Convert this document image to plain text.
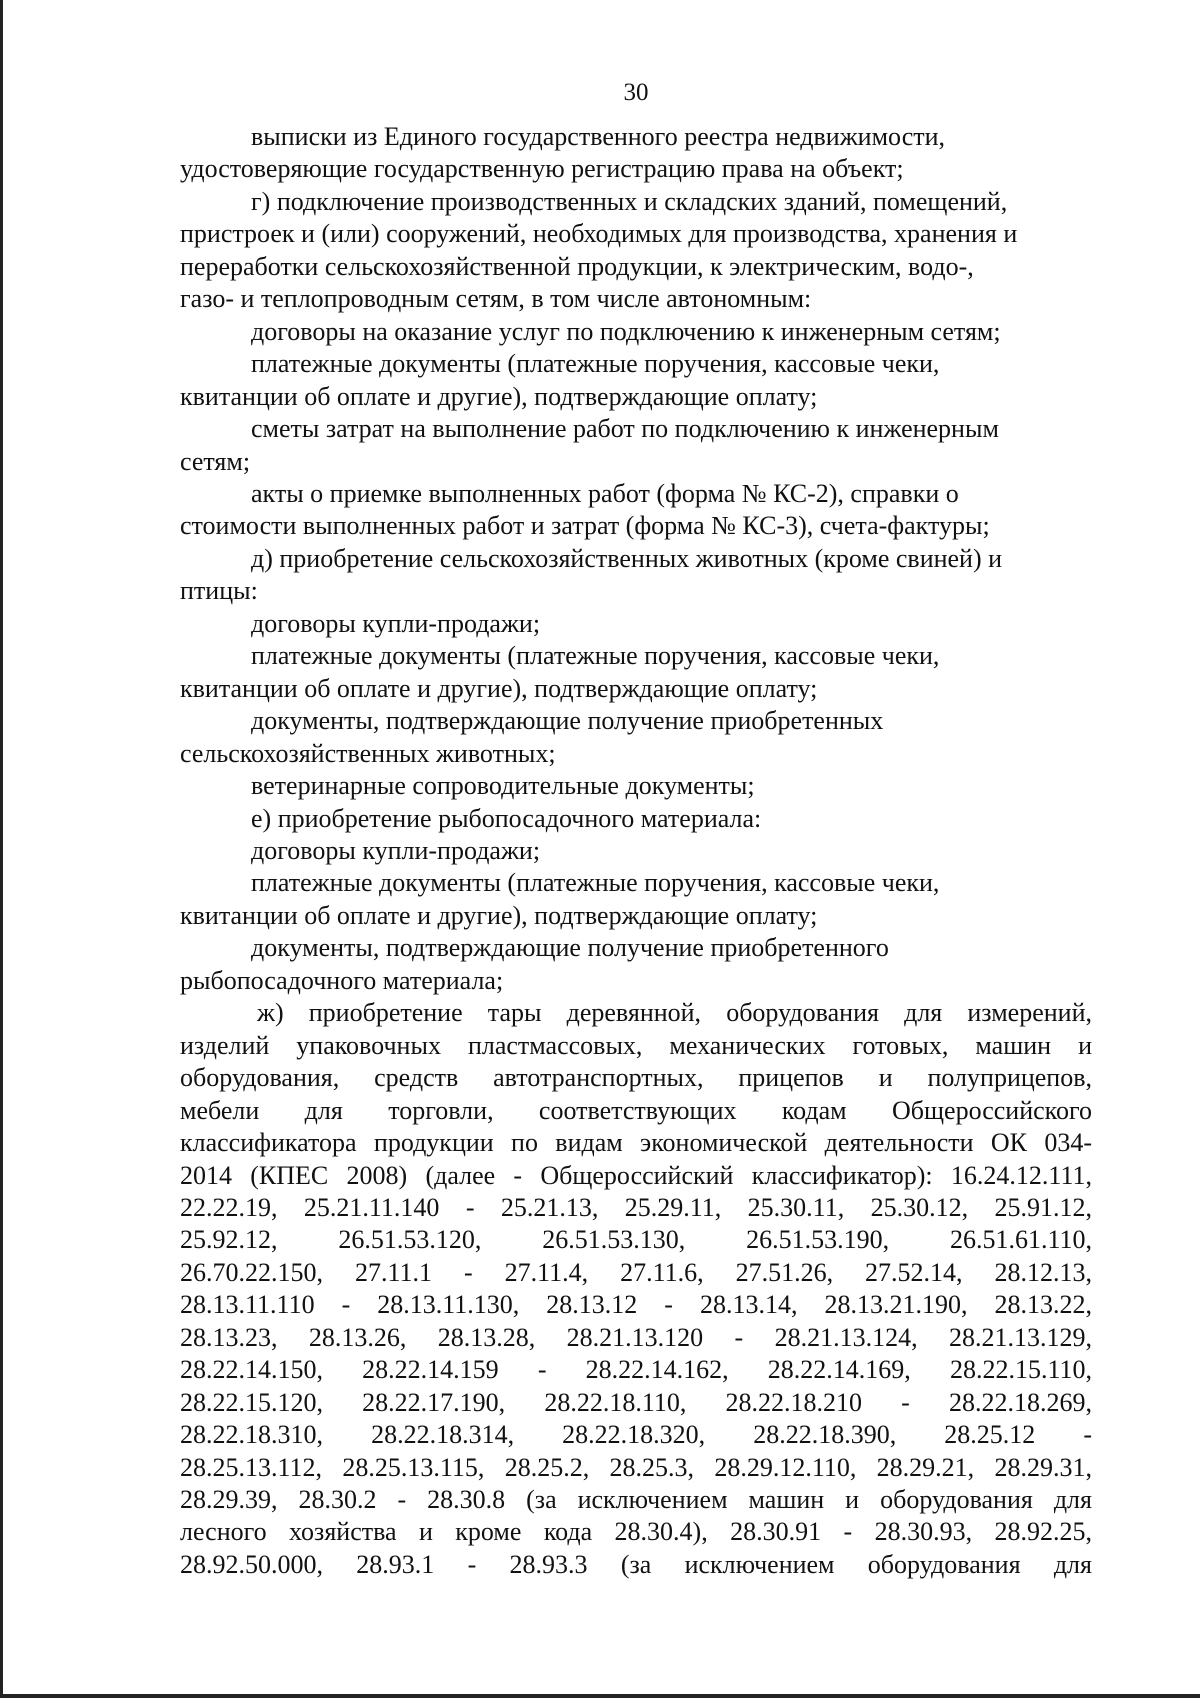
30

выписки из Единого государственного реестра недвижимости,
удостоверяющие государственную регистрацию права на объект;

г) подключение производственных и складских зданий, помещений,
пристроек и (или) сооружений, необходимых для производства, хранения и
переработки сельскохозяйственной продукции, к электрическим, водо-,
газо- и теплопроводным сетям, в том числе автономным:

договоры на оказание услуг по подключению к инженерным сетям;

платежные документы (платежные поручения, кассовые чеки,
квитанции об оплате и другие), подтверждающие оплату;

сметы затрат на выполнение работ по подключению к инженерным
сетям;

акты о приемке выполненных работ (форма № КС-2), справки о
стоимости выполненных работ и затрат (форма № КС-3), счета-фактуры;

д) приобретение сельскохозяйственных животных (кроме свиней) и
птицы:

договоры купли-продажи;

платежные документы (платежные поручения, кассовые чеки,
квитанции об оплате и другие), подтверждающие оплату;

документы, подтверждающие получение приобретенных
сельскохозяйственных животных;

ветеринарные сопроводительные документы;

е) приобретение рыбопосадочного материала:

договоры купли-продажи;

платежные документы (платежные поручения, кассовые чеки,
квитанции об оплате и другие), подтверждающие оплату;

документы, подтверждающие получение приобретенного
рыбопосадочного материала;

ж) приобретение тары деревянной, оборудования для измерений,
изделий упаковочных пластмассовых, механических готовых, машин и
оборудования, средств автотранспортных, прицепов и полуприцепов,
мебели для торговли, соответствующих кодам Общероссийского
классификатора продукции по видам экономической деятельности ОК 034-
2014 (КПЕС 2008) (далее - Общероссийский классификатор): 16.24.12.111,
22.22.19, 25.21.11.140 - 25.21.13, 25.29.11, 25.30.11, 25.30.12, 25.91.12,
25.92.12, 26.51.53.120, 26.51.53.130, 26.51.53.190, 26.51.61.110,
26.70.22.150, 27.11.1 - 27.11.4, 27.11.6, 27.51.26, 27.52.14, 28.12.13,
28.13.11.110 - 28.13.11.130, 28.13.12 - 28.13.14, 28.13.21.190, 28.13.22,
28.13.23, 28.13.26, 28.13.28, 28.21.13.120 - 28.21.13.124, 28.21.13.129,
28.22.14.150, 28.22.14.159 - 28.22.14.162, 28.22.14.169, 28.22.15.110,
28.22.15.120, 28.22.17.190, 28.22.18.110, 28.22.18.210 - 28.22.18.269,
28.22.18.310, 28.22.18.314, 28.22.18.320, 28.22.18.390, 28.25.12 -
28.25.13.112, 28.25.13.115, 28.25.2, 28.25.3, 28.29.12.110, 28.29.21, 28.29.31,
28.29.39, 28.30.2 - 28.30.8 (за исключением машин и оборудования для
лесного хозяйства и кроме кода 28.30.4), 28.30.91 - 28.30.93, 28.92.25,
28.92.50.000, 28.93.1 - 28.93.3 (за исключением оборудования для
